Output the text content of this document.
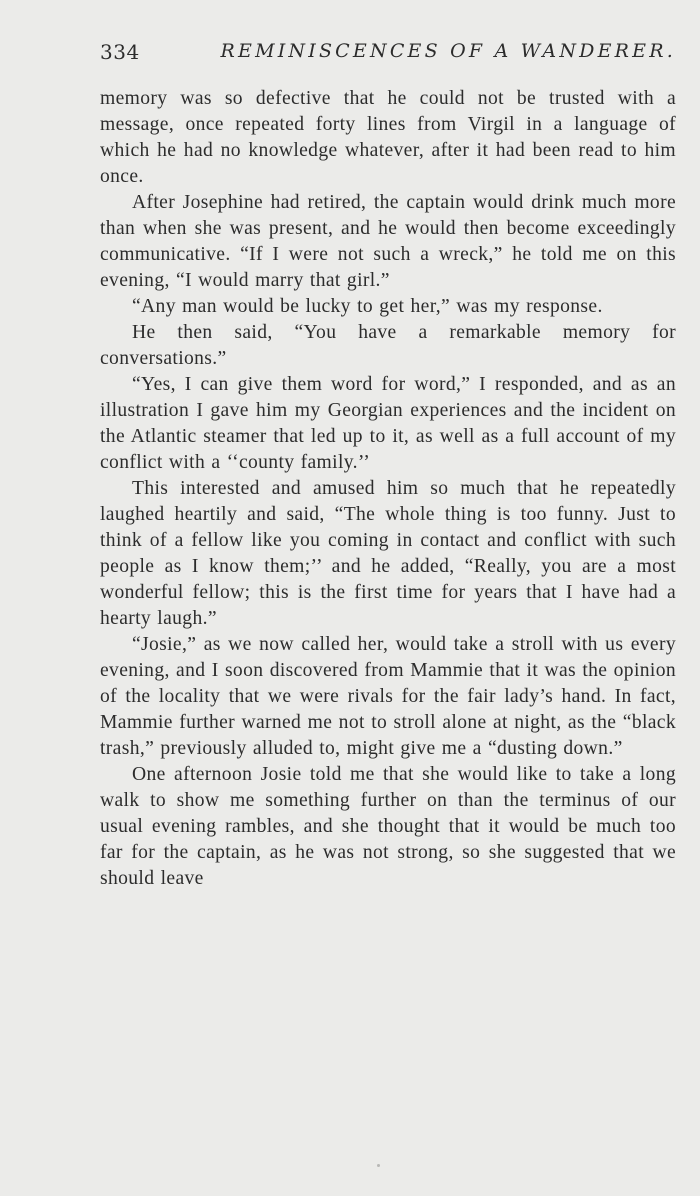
334	REMINISCENCES OF A WANDERER.

memory was so defective that he could not be trusted with a message, once repeated forty lines from Virgil in a language of which he had no knowledge whatever, after it had been read to him once.

After Josephine had retired, the captain would drink much more than when she was present, and he would then become exceedingly communicative. “If I were not such a wreck,” he told me on this evening, “I would marry that girl.”

“Any man would be lucky to get her,” was my response.

He then said, “You have a remarkable memory for conversations.”

“Yes, I can give them word for word,” I responded, and as an illustration I gave him my Georgian experiences and the incident on the Atlantic steamer that led up to it, as well as a full account of my conflict with a ‘‘county family.’’

This interested and amused him so much that he repeatedly laughed heartily and said, “The whole thing is too funny. Just to think of a fellow like you coming in contact and conflict with such people as I know them;’’ and he added, “Really, you are a most wonderful fellow; this is the first time for years that I have had a hearty laugh.”

“Josie,” as we now called her, would take a stroll with us every evening, and I soon discovered from Mammie that it was the opinion of the locality that we were rivals for the fair lady’s hand. In fact, Mammie further warned me not to stroll alone at night, as the “black trash,” previously alluded to, might give me a “dusting down.”

One afternoon Josie told me that she would like to take a long walk to show me something further on than the terminus of our usual evening rambles, and she thought that it would be much too far for the captain, as he was not strong, so she suggested that we should leave
